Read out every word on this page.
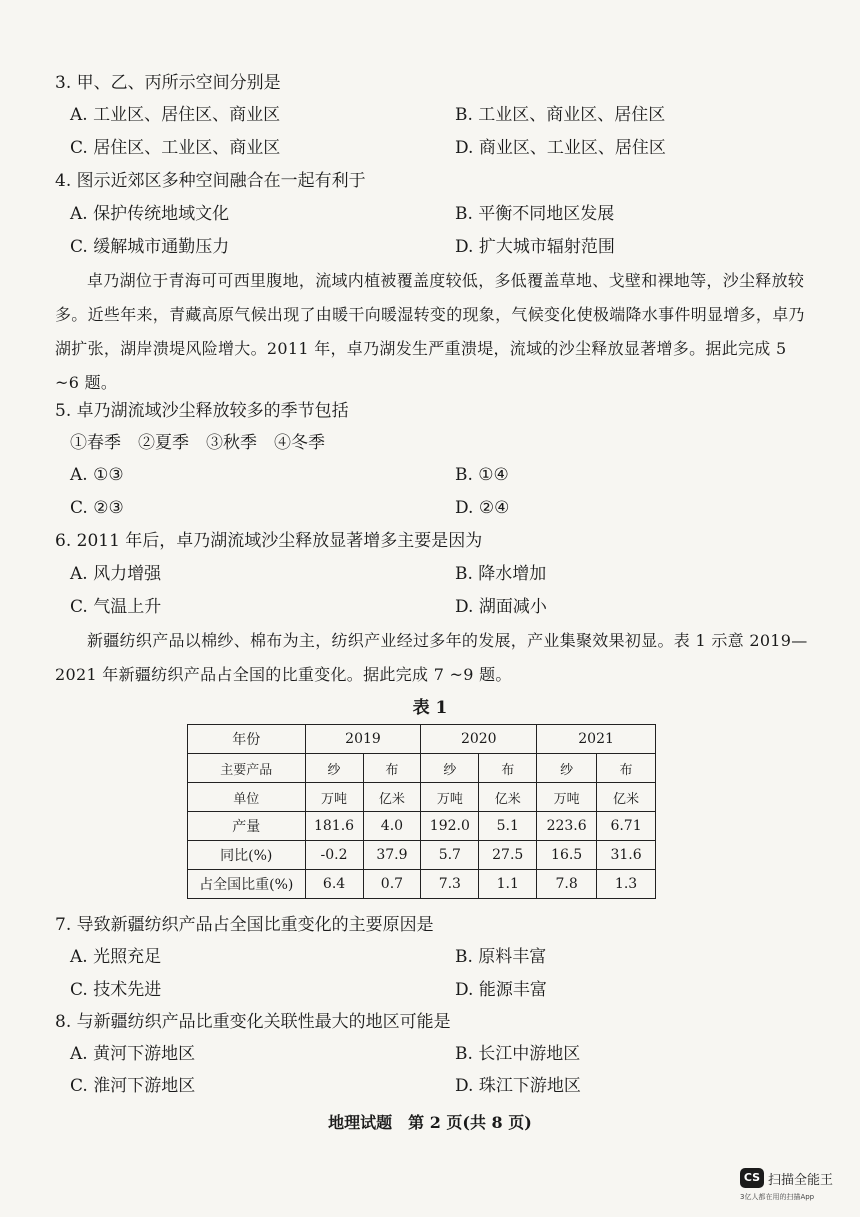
3. 甲、乙、丙所示空间分别是
A. 工业区、居住区、商业区	B. 工业区、商业区、居住区
C. 居住区、工业区、商业区	D. 商业区、工业区、居住区
4. 图示近郊区多种空间融合在一起有利于
A. 保护传统地域文化	B. 平衡不同地区发展
C. 缓解城市通勤压力	D. 扩大城市辐射范围
卓乃湖位于青海可可西里腹地，流域内植被覆盖度较低，多低覆盖草地、戈壁和裸地等，沙尘释放较多。近些年来，青藏高原气候出现了由暖干向暖湿转变的现象，气候变化使极端降水事件明显增多，卓乃湖扩张，湖岸溃堤风险增大。2011 年，卓乃湖发生严重溃堤，流域的沙尘释放显著增多。据此完成 5 ~6 题。
5. 卓乃湖流域沙尘释放较多的季节包括
①春季　②夏季　③秋季　④冬季
A. ①③	B. ①④
C. ②③	D. ②④
6. 2011 年后，卓乃湖流域沙尘释放显著增多主要是因为
A. 风力增强	B. 降水增加
C. 气温上升	D. 湖面减小
新疆纺织产品以棉纱、棉布为主，纺织产业经过多年的发展，产业集聚效果初显。表 1 示意 2019—2021 年新疆纺织产品占全国的比重变化。据此完成 7 ~9 题。
表 1
年份	2019		2020		2021	
主要产品	纱	布	纱	布	纱	布
单位	万吨	亿米	万吨	亿米	万吨	亿米
产量	181.6	4.0	192.0	5.1	223.6	6.71
同比(%)	-0.2	37.9	5.7	27.5	16.5	31.6
占全国比重(%)	6.4	0.7	7.3	1.1	7.8	1.3
7. 导致新疆纺织产品占全国比重变化的主要原因是
A. 光照充足	B. 原料丰富
C. 技术先进	D. 能源丰富
8. 与新疆纺织产品比重变化关联性最大的地区可能是
A. 黄河下游地区	B. 长江中游地区
C. 淮河下游地区	D. 珠江下游地区
地理试题　第 2 页(共 8 页)
CS 扫描全能王
3亿人都在用的扫描App
